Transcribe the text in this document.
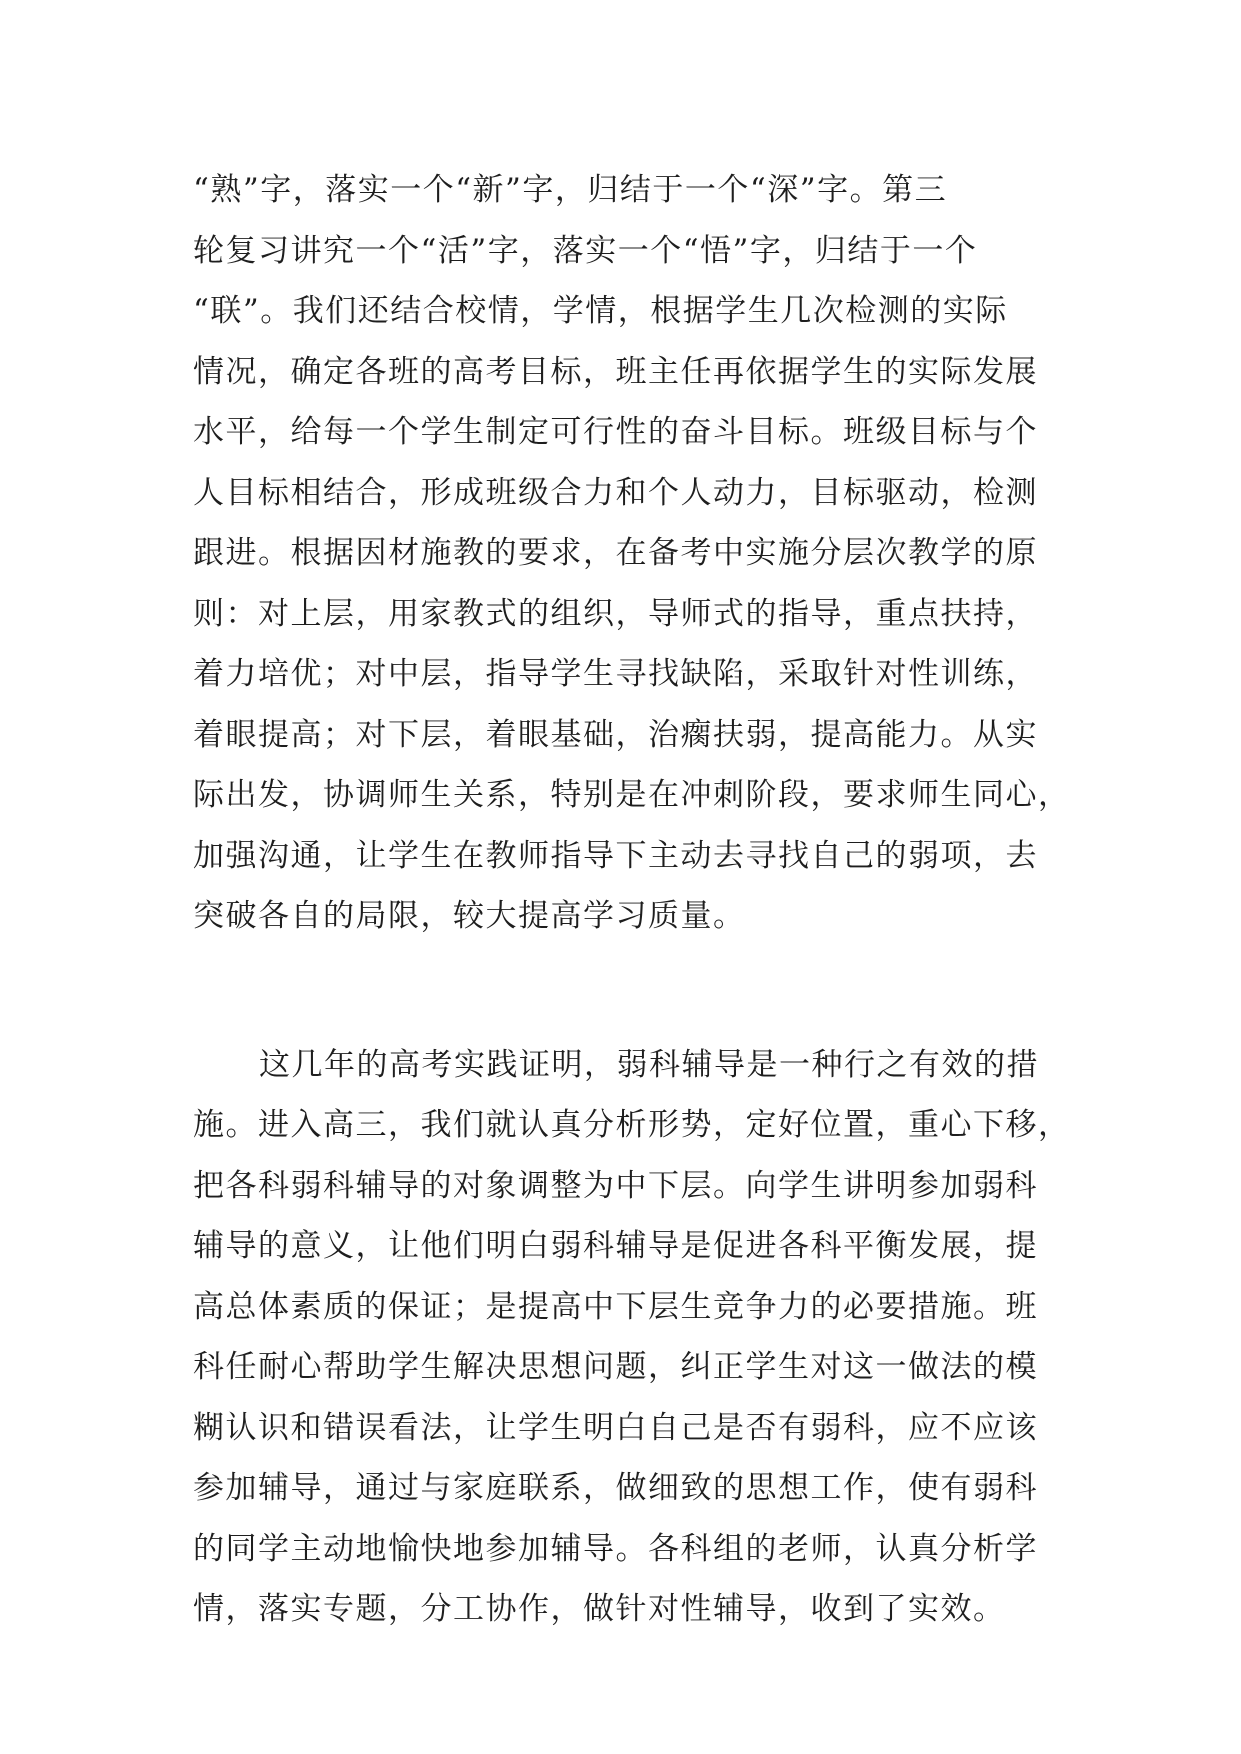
“熟”字，落实一个“新”字，归结于一个“深”字。第三
轮复习讲究一个“活”字，落实一个“悟”字，归结于一个
“联”。我们还结合校情，学情，根据学生几次检测的实际
情况，确定各班的高考目标，班主任再依据学生的实际发展
水平，给每一个学生制定可行性的奋斗目标。班级目标与个
人目标相结合，形成班级合力和个人动力，目标驱动，检测
跟进。根据因材施教的要求，在备考中实施分层次教学的原
则：对上层，用家教式的组织，导师式的指导，重点扶持，
着力培优；对中层，指导学生寻找缺陷，采取针对性训练，
着眼提高；对下层，着眼基础，治瘸扶弱，提高能力。从实
际出发，协调师生关系，特别是在冲刺阶段，要求师生同心，
加强沟通，让学生在教师指导下主动去寻找自己的弱项，去
突破各自的局限，较大提高学习质量。
这几年的高考实践证明，弱科辅导是一种行之有效的措
施。进入高三，我们就认真分析形势，定好位置，重心下移，
把各科弱科辅导的对象调整为中下层。向学生讲明参加弱科
辅导的意义，让他们明白弱科辅导是促进各科平衡发展，提
高总体素质的保证；是提高中下层生竞争力的必要措施。班
科任耐心帮助学生解决思想问题，纠正学生对这一做法的模
糊认识和错误看法，让学生明白自己是否有弱科，应不应该
参加辅导，通过与家庭联系，做细致的思想工作，使有弱科
的同学主动地愉快地参加辅导。各科组的老师，认真分析学
情，落实专题，分工协作，做针对性辅导，收到了实效。
